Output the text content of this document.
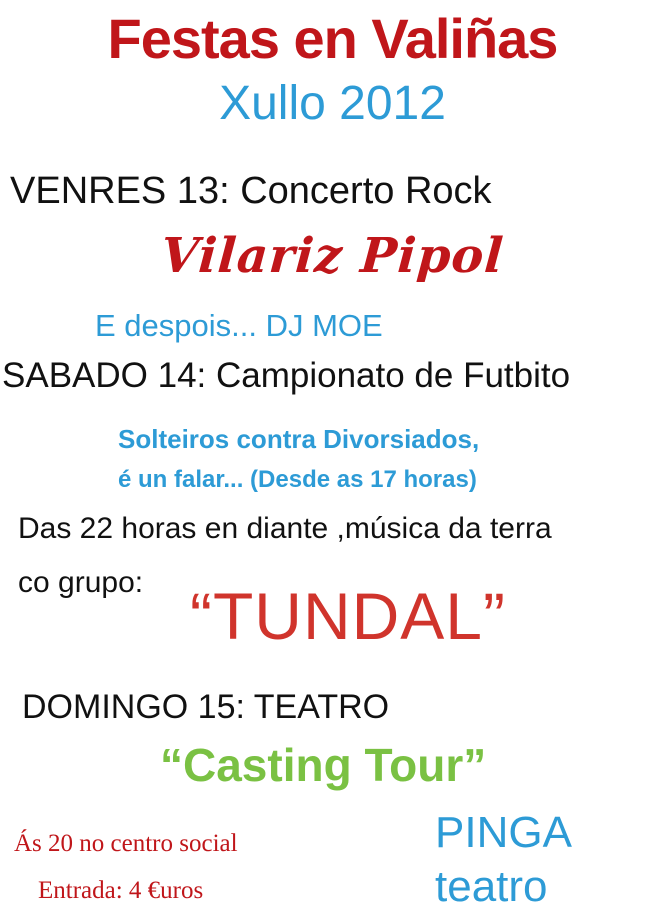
Festas en Valiñas
Xullo 2012
VENRES 13: Concerto Rock
Vilariz Pipol
E despois... DJ MOE
SABADO 14: Campionato de Futbito
Solteiros contra Divorsiados,
é un falar... (Desde as 17 horas)
Das 22 horas en diante ,música da terra
co grupo: “TUNDAL”
DOMINGO 15: TEATRO
“Casting Tour”
PINGA
teatro
Ás 20 no centro social
Entrada: 4 €uros
